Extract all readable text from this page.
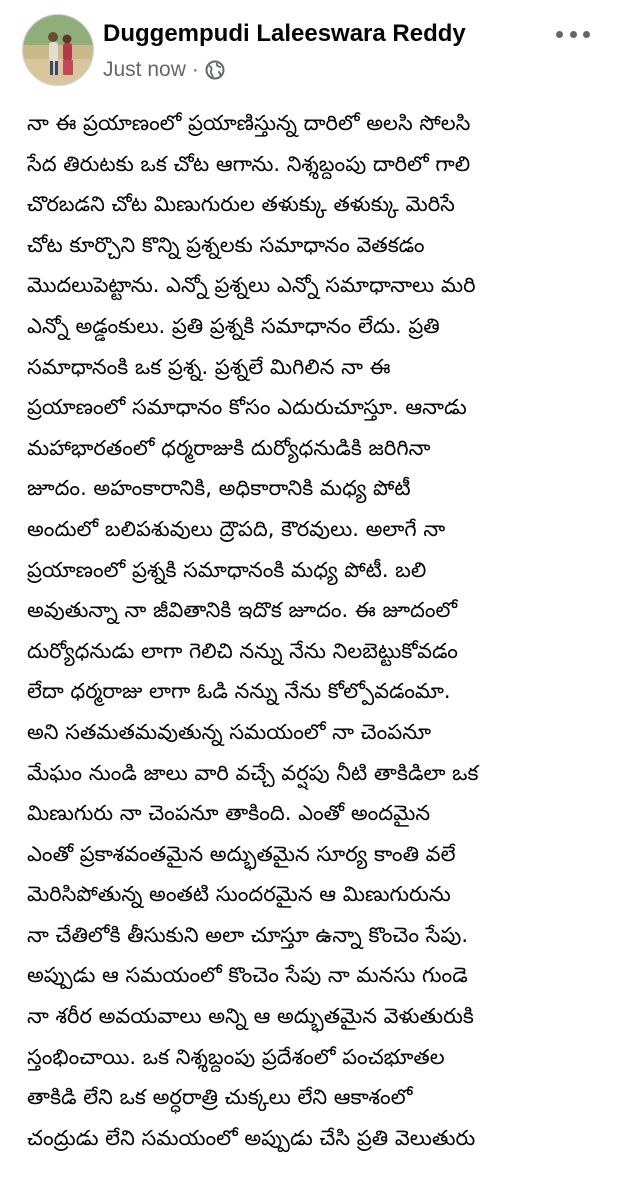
Duggempudi Laleeswara Reddy
Just now ·
నా ఈ ప్రయాణంలో ప్రయాణిస్తున్న దారిలో అలసి సోలసి
సేద తిరుటకు ఒక చోట ఆగాను. నిశ్శబ్దంపు దారిలో గాలి
చొరబడని చోట మిణుగురుల తళుక్కు తళుక్కు మెరిసే
చోట కూర్చొని కొన్ని ప్రశ్నలకు సమాధానం వెతకడం
మొదలుపెట్టాను. ఎన్నో ప్రశ్నలు ఎన్నో సమాధానాలు మరి
ఎన్నో అడ్డంకులు. ప్రతి ప్రశ్నకి సమాధానం లేదు. ప్రతి
సమాధానంకి ఒక ప్రశ్న. ప్రశ్నలే మిగిలిన నా ఈ
ప్రయాణంలో సమాధానం కోసం ఎదురుచూస్తూ. ఆనాడు
మహాభారతంలో ధర్మరాజుకి దుర్యోధనుడికి జరిగినా
జూదం. అహంకారానికి, అధికారానికి మధ్య పోటీ
అందులో బలిపశువులు ద్రౌపది, కౌరవులు. అలాగే నా
ప్రయాణంలో ప్రశ్నకి సమాధానంకి మధ్య పోటీ. బలి
అవుతున్నా నా జీవితానికి ఇదొక జూదం. ఈ జూదంలో
దుర్యోధనుడు లాగా గెలిచి నన్ను నేను నిలబెట్టుకోవడం
లేదా ధర్మరాజు లాగా ఓడి నన్ను నేను కోల్పోవడంమా.
అని సతమతమవుతున్న సమయంలో నా చెంపనూ
మేఘం నుండి జాలు వారి వచ్చే వర్షపు నీటి తాకిడిలా ఒక
మిణుగురు నా చెంపనూ తాకింది. ఎంతో అందమైన
ఎంతో ప్రకాశవంతమైన అద్భుతమైన సూర్య కాంతి వలే
మెరిసిపోతున్న అంతటి సుందరమైన ఆ మిణుగురును
నా చేతిలోకి తీసుకుని అలా చూస్తూ ఉన్నా కొంచెం సేపు.
అప్పుడు ఆ సమయంలో కొంచెం సేపు నా మనసు గుండె
నా శరీర అవయవాలు అన్ని ఆ అద్భుతమైన వెళుతురుకి
స్తంభించాయి. ఒక నిశ్శబ్దంపు ప్రదేశంలో పంచభూతల
తాకిడి లేని ఒక అర్ధరాత్రి చుక్కలు లేని ఆకాశంలో
చంద్రుడు లేని సమయంలో అప్పుడు చేసి ప్రతి వెలుతురు
